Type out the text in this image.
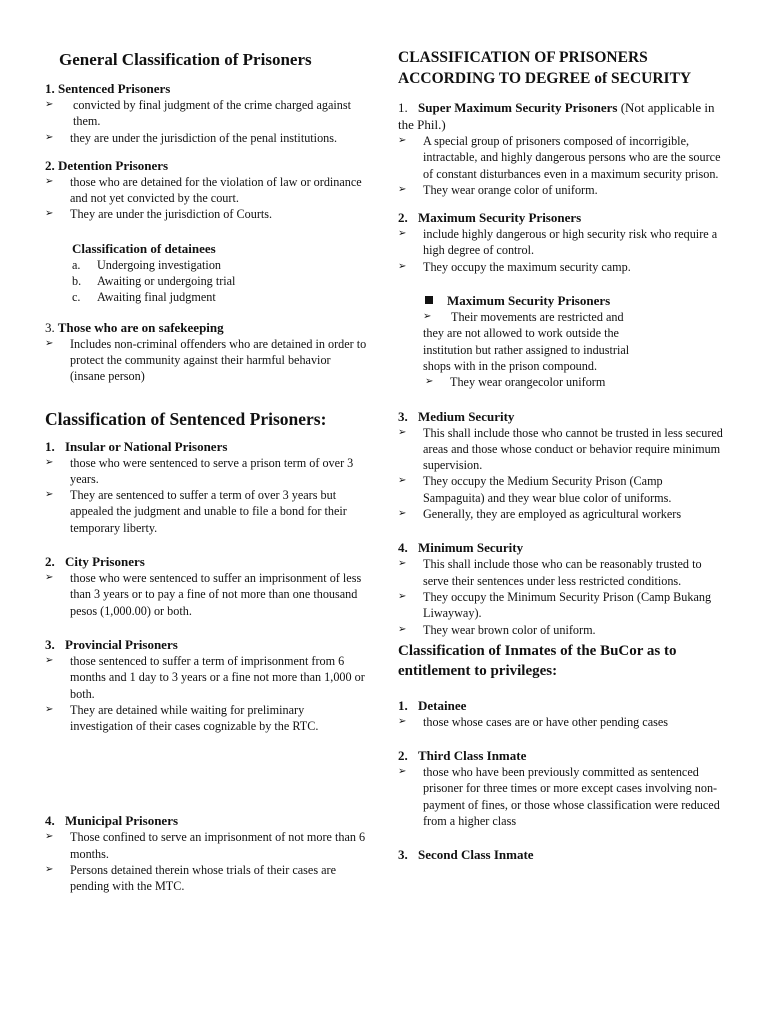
General Classification of Prisoners
1. Sentenced Prisoners
➢	convicted by final judgment of the crime charged against them.
➢	they are under the jurisdiction of the penal institutions.
2. Detention Prisoners
➢	those who are detained for the violation of law or ordinance and not yet convicted by the court.
➢	They are under the jurisdiction of Courts.
Classification of detainees
a. Undergoing investigation
b. Awaiting or undergoing trial
c. Awaiting final judgment
3. Those who are on safekeeping
➢	Includes non-criminal offenders who are detained in order to protect the community against their harmful behavior (insane person)
Classification of Sentenced Prisoners:
1. Insular or National Prisoners
➢	those who were sentenced to serve a prison term of over 3 years.
➢	They are sentenced to suffer a term of over 3 years but appealed the judgment and unable to file a bond for their temporary liberty.
2. City Prisoners
➢	those who were sentenced to suffer an imprisonment of less than 3 years or to pay a fine of not more than one thousand pesos (1,000.00) or both.
3. Provincial Prisoners
➢	those sentenced to suffer a term of imprisonment from 6 months and 1 day to 3 years or a fine not more than 1,000 or both.
➢	They are detained while waiting for preliminary investigation of their cases cognizable by the RTC.
4. Municipal Prisoners
➢	Those confined to serve an imprisonment of not more than 6 months.
➢	Persons detained therein whose trials of their cases are pending with the MTC.
CLASSIFICATION OF PRISONERS ACCORDING TO DEGREE of SECURITY
1. Super Maximum Security Prisoners (Not applicable in the Phil.)
➢	A special group of prisoners composed of incorrigible, intractable, and highly dangerous persons who are the source of constant disturbances even in a maximum security prison.
➢	They wear orange color of uniform.
2. Maximum Security Prisoners
➢	include highly dangerous or high security risk who require a high degree of control.
➢	They occupy the maximum security camp.
Maximum Security Prisoners
➢ Their movements are restricted and they are not allowed to work outside the institution but rather assigned to industrial shops with in the prison compound.
➢	They wear orangecolor uniform
3. Medium Security
➢	This shall include those who cannot be trusted in less secured areas and those whose conduct or behavior require minimum supervision.
➢	They occupy the Medium Security Prison (Camp Sampaguita) and they wear blue color of uniforms.
➢	Generally, they are employed as agricultural workers
4. Minimum Security
➢	This shall include those who can be reasonably trusted to serve their sentences under less restricted conditions.
➢	They occupy the Minimum Security Prison (Camp Bukang Liwayway).
➢	They wear brown color of uniform.
Classification of Inmates of the BuCor as to entitlement to privileges:
1. Detainee
➢	those whose cases are or have other pending cases
2. Third Class Inmate
➢	those who have been previously committed as sentenced prisoner for three times or more except cases involving non-payment of fines, or those whose classification were reduced from a higher class
3. Second Class Inmate
